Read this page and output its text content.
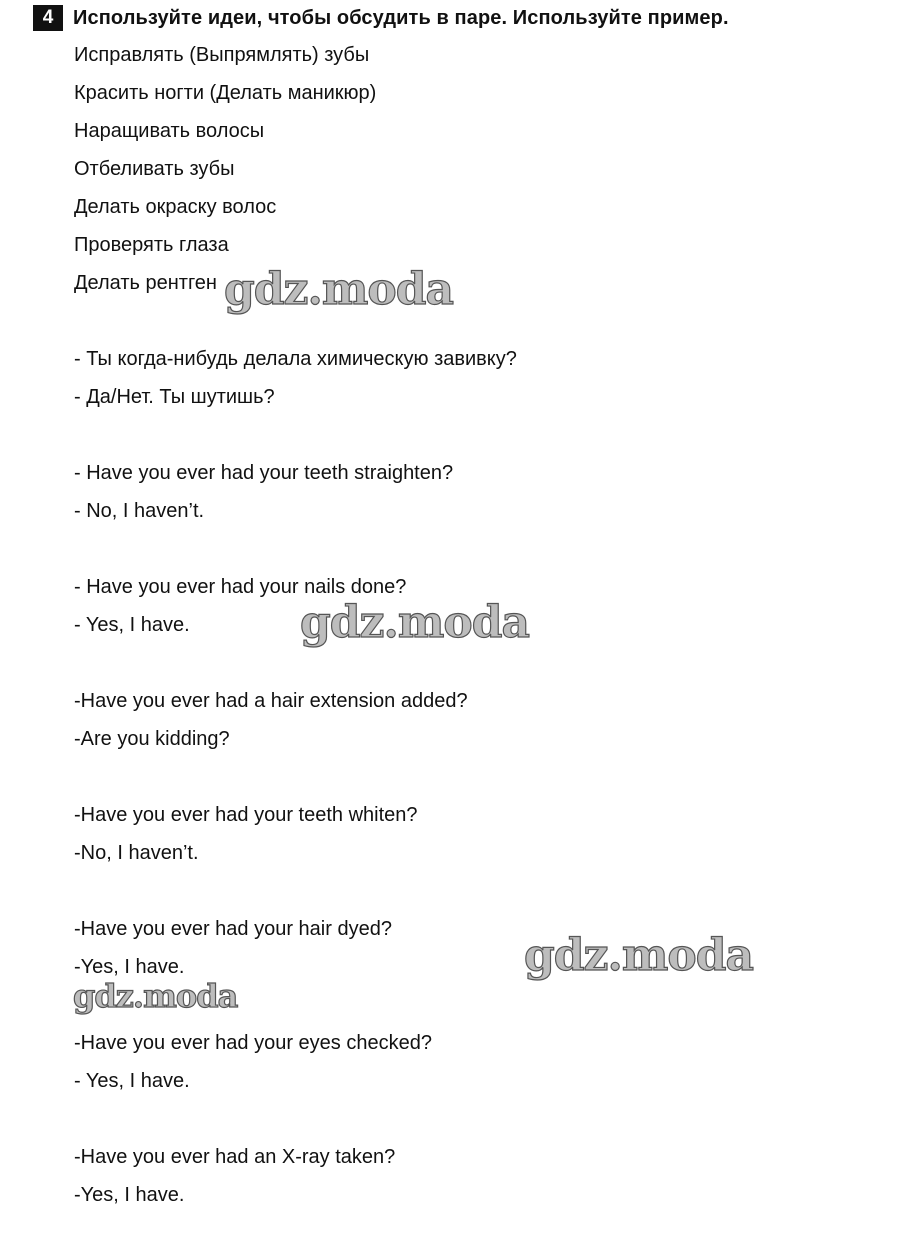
4 Используйте идеи, чтобы обсудить в паре. Используйте пример.
Исправлять (Выпрямлять) зубы
Красить ногти (Делать маникюр)
Наращивать волосы
Отбеливать зубы
Делать окраску волос
Проверять глаза
Делать рентген
- Ты когда-нибудь делала химическую завивку?
- Да/Нет. Ты шутишь?
- Have you ever had your teeth straighten?
- No, I haven’t.
- Have you ever had your nails done?
- Yes, I have.
-Have you ever had a hair extension added?
-Are you kidding?
-Have you ever had your teeth whiten?
-No, I haven’t.
-Have you ever had your hair dyed?
-Yes, I have.
-Have you ever had your eyes checked?
- Yes, I have.
-Have you ever had an X-ray taken?
-Yes, I have.
gdz.moda
gdz.moda
gdz.moda
gdz.moda
